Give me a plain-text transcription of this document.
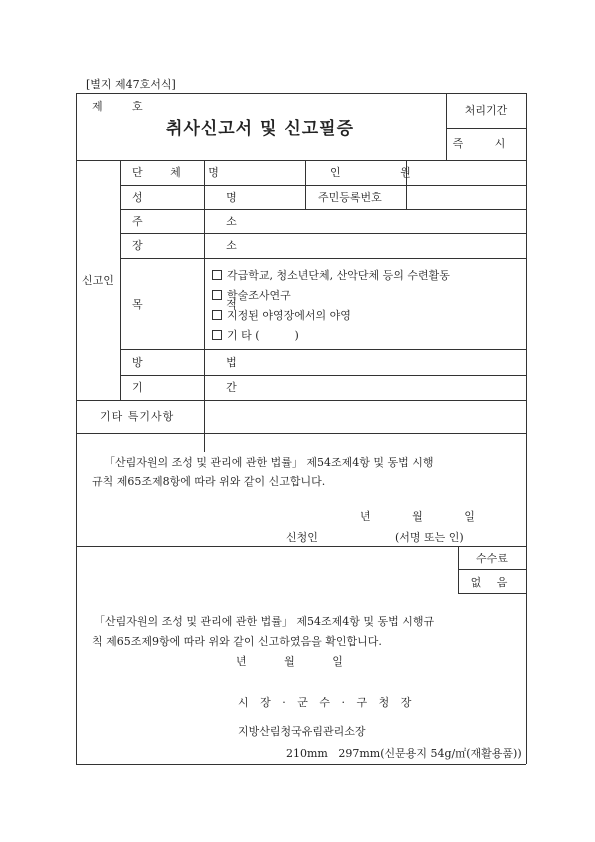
[별지 제47호서식]
제	호
취사신고서 및 신고필증
처리기간
즉 시
신고인
단 체 명	인 원
성 명	주민등록번호
주 소
장 소
목 적
각급학교, 청소년단체, 산악단체 등의 수련활동
학술조사연구
지정된 야영장에서의 야영
기 타 (          )
방 법
기 간
기타 특기사항
「산림자원의 조성 및 관리에 관한 법률」 제54조제4항 및 동법 시행
규칙 제65조제8항에 따라 위와 같이 신고합니다.
년 월 일
신청인	(서명 또는 인)
수수료
없 음
「산림자원의 조성 및 관리에 관한 법률」 제54조제4항 및 동법 시행규
칙 제65조제9항에 따라 위와 같이 신고하였음을 확인합니다.
년 월 일
시 장 · 군 수 · 구 청 장
지방산림청국유림관리소장
210mm   297mm(신문용지 54g/㎡(재활용품))
